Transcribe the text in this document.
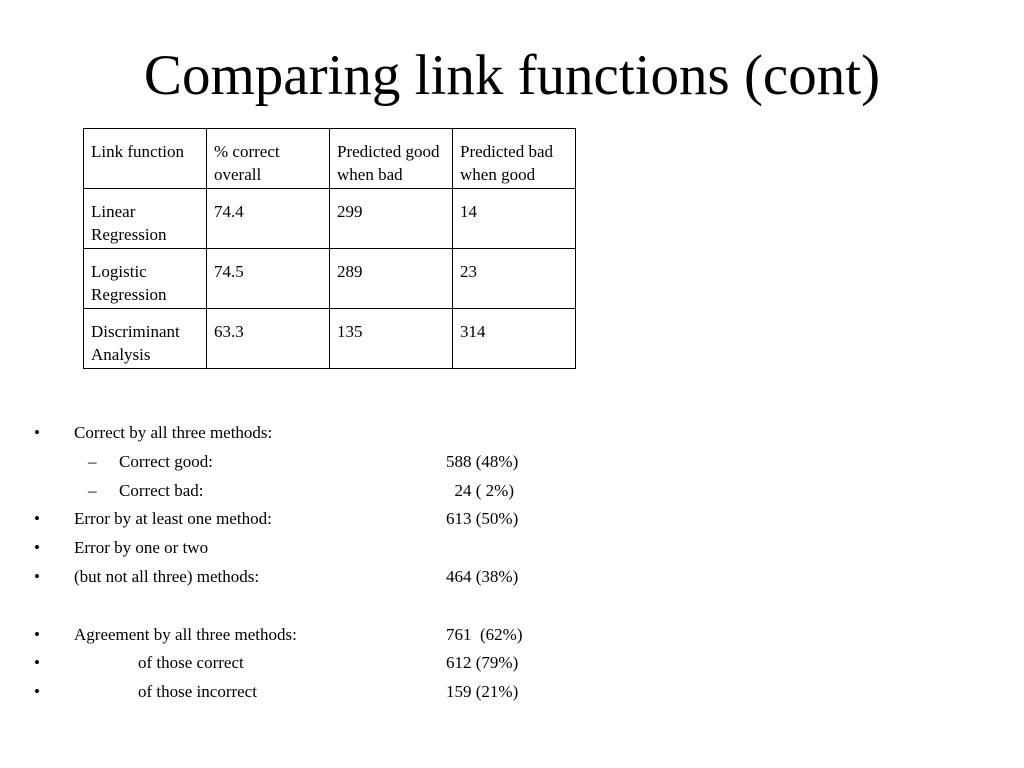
Comparing link functions (cont)
Link function	% correct overall	Predicted good when bad	Predicted bad when good
Linear Regression	74.4	299	14
Logistic Regression	74.5	289	23
Discriminant Analysis	63.3	135	314
• Correct by all three methods:
– Correct good:	588 (48%)
– Correct bad:	24 ( 2%)
• Error by at least one method:	613 (50%)
• Error by one or two
• (but not all three) methods:	464 (38%)
• Agreement by all three methods:	761  (62%)
•	of those correct	612 (79%)
•	of those incorrect	159 (21%)
